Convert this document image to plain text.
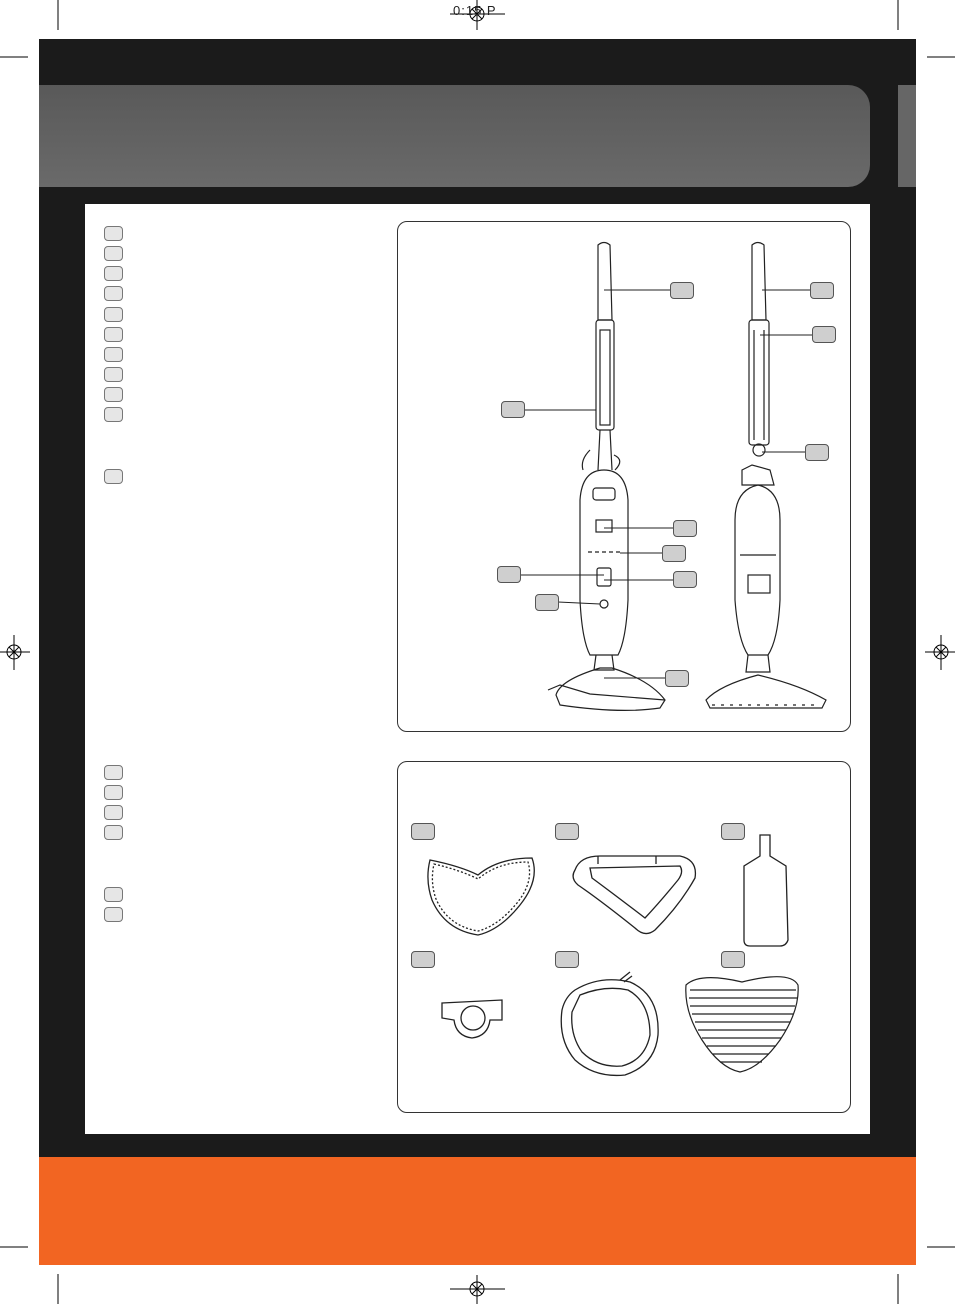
0:15 P
